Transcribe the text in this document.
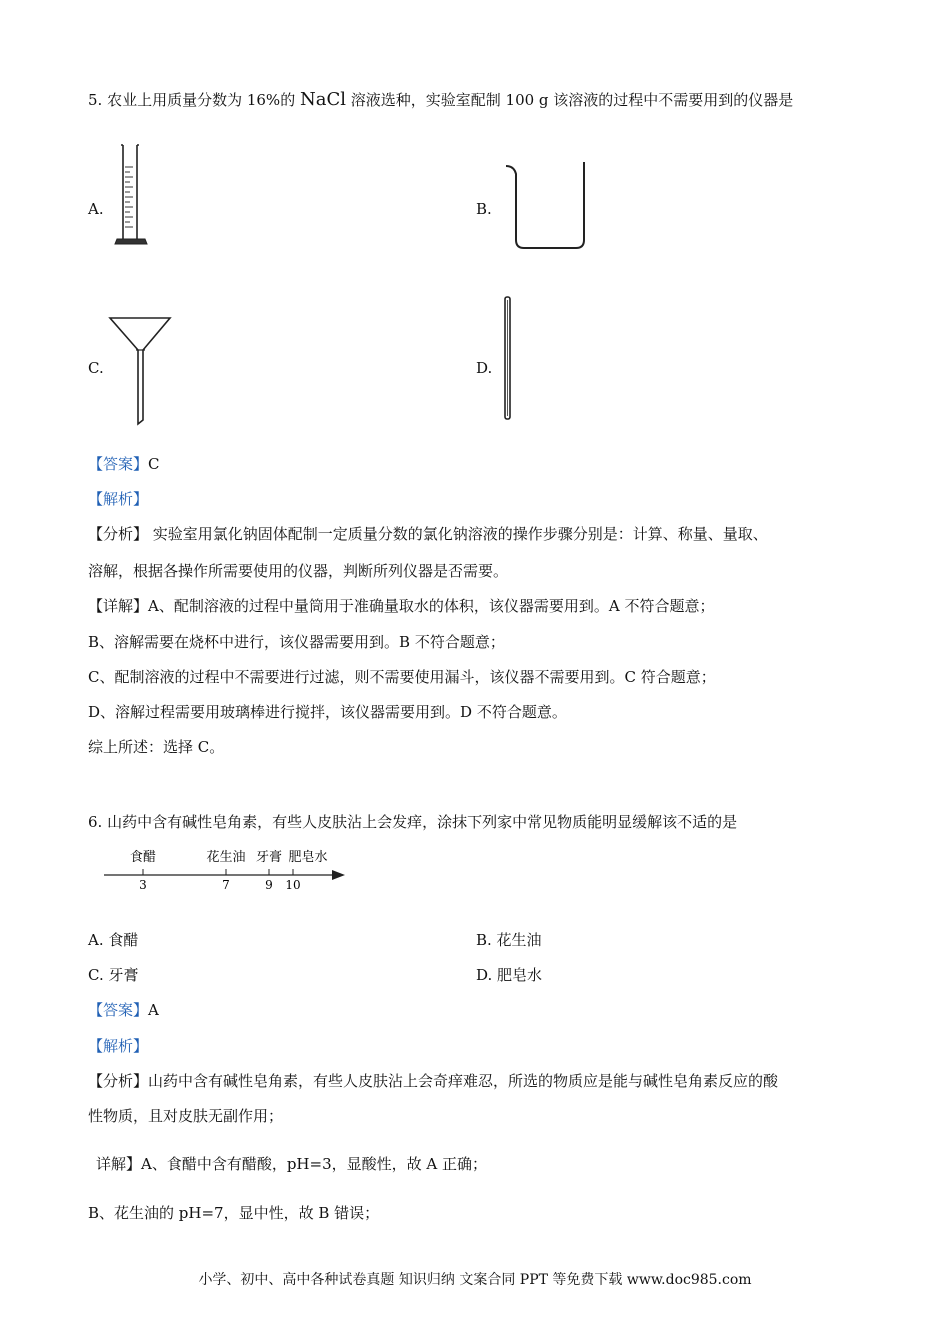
5. 农业上用质量分数为 16%的 NaCl 溶液选种，实验室配制 100 g 该溶液的过程中不需要用到的仪器是
A.	B.
C.	D.
【答案】C
【解析】
【分析】 实验室用氯化钠固体配制一定质量分数的氯化钠溶液的操作步骤分别是：计算、称量、量取、
溶解，根据各操作所需要使用的仪器，判断所列仪器是否需要。
【详解】A、配制溶液的过程中量筒用于准确量取水的体积，该仪器需要用到。A 不符合题意；
B、溶解需要在烧杯中进行，该仪器需要用到。B 不符合题意；
C、配制溶液的过程中不需要进行过滤，则不需要使用漏斗，该仪器不需要用到。C 符合题意；
D、溶解过程需要用玻璃棒进行搅拌，该仪器需要用到。D 不符合题意。
综上所述：选择 C。
6. 山药中含有碱性皂角素，有些人皮肤沾上会发痒，涂抹下列家中常见物质能明显缓解该不适的是
食醋	花生油 牙膏 肥皂水
3	7	9 10
A. 食醋	B. 花生油
C. 牙膏	D. 肥皂水
【答案】A
【解析】
【分析】山药中含有碱性皂角素，有些人皮肤沾上会奇痒难忍，所选的物质应是能与碱性皂角素反应的酸
性物质，且对皮肤无副作用；
详解】A、食醋中含有醋酸，pH=3，显酸性，故 A 正确；
B、花生油的 pH=7，显中性，故 B 错误；
小学、初中、高中各种试卷真题 知识归纳 文案合同 PPT 等免费下载 www.doc985.com
